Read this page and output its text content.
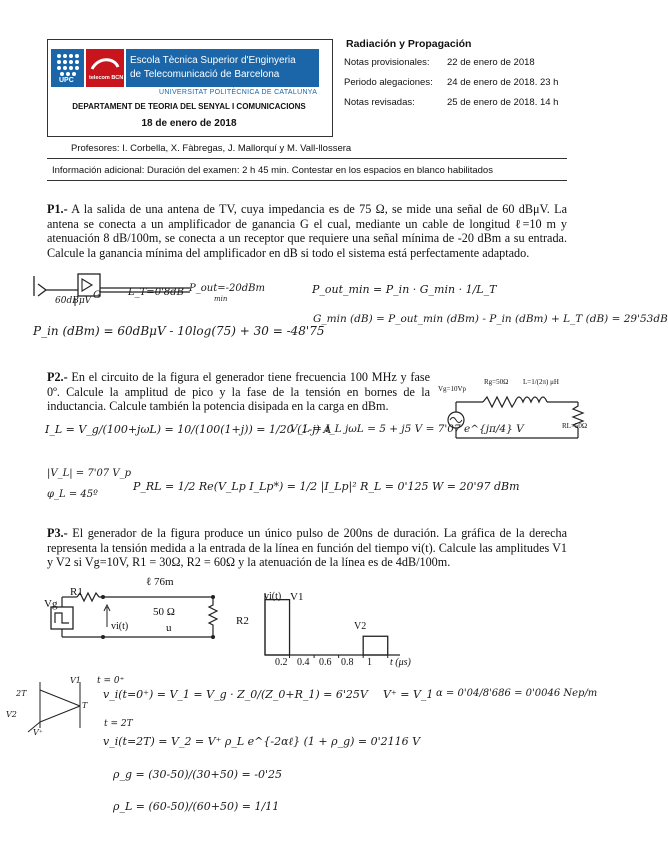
UPC	telecom BCN
Escola Tècnica Superior d'Enginyeria
de Telecomunicació de Barcelona
UNIVERSITAT POLITÈCNICA DE CATALUNYA
DEPARTAMENT DE TEORIA DEL SENYAL I COMUNICACIONS
18 de enero de 2018
Radiación y Propagación
Notas provisionales: 22 de enero de 2018
Periodo alegaciones: 24 de enero de 2018. 23 h
Notas revisadas:	25 de enero de 2018. 14 h
Profesores: I. Corbella, X. Fàbregas, J. Mallorquí y M. Vall-llossera
Información adicional: Duración del examen: 2 h 45 min. Contestar en los espacios en blanco habilitados
P1.- A la salida de una antena de TV, cuya impedancia es de 75 Ω, se mide una señal de 60 dBμV. La antena se conecta a un amplificador de ganancia G el cual, mediante un cable de longitud ℓ=10 m y atenuación 8 dB/100m, se conecta a un receptor que requiere una señal mínima de -20 dBm a su entrada. Calcule la ganancia mínima del amplificador en dB si todo el sistema está perfectamente adaptado.
60dBμV G	L_T=0'8dB P_out=-20dBm
min
P_out_min = P_in · G_min · 1/L_T
G_min (dB) = P_out_min (dBm) - P_in (dBm) + L_T (dB) = 29'53dB
P_in (dBm) = 60dBμV - 10log(75) + 30 = -48'75
P2.- En el circuito de la figura el generador tiene frecuencia 100 MHz y fase 0º. Calcule la amplitud de pico y la fase de la tensión en bornes de la inductancia. Calcule también la potencia disipada en la carga en dBm.
Vg=10Vp
Rg=50Ω L=1/(2π) μH
RL=50Ω
I_L = V_g/(100+jωL) = 10/(100(1+j)) = 1/20 (1-j) A
V_L = I_L jωL = 5 + j5 V = 7'07 e^{jπ/4} V
|V_L| = 7'07 V_p
φ_L = 45º
P_RL = 1/2 Re(V_Lp I_Lp*) = 1/2 |I_Lp|² R_L = 0'125 W = 20'97 dBm
P3.- El generador de la figura produce un único pulso de 200ns de duración. La gráfica de la derecha representa la tensión medida a la entrada de la línea en función del tiempo vi(t). Calcule las amplitudes V1 y V2 si Vg=10V, R1 = 30Ω, R2 = 60Ω y la atenuación de la línea es de 4dB/100m.
ℓ 76m
Vg
R1
vi(t)
50 Ω
u
R2
vi(t) V1
V2
0.2 0.4 0.6 0.8 1 t (μs)
2T
T
V2
V⁺
V1 t = 0⁺
v_i(t=0⁺) = V_1 = V_g · Z_0/(Z_0+R_1) = 6'25V V⁺ = V_1 α = 0'04/8'686 = 0'0046 Nep/m
t = 2T
v_i(t=2T) = V_2 = V⁺ ρ_L e^{-2αℓ} (1 + ρ_g) = 0'2116 V
ρ_g = (30-50)/(30+50) = -0'25
ρ_L = (60-50)/(60+50) = 1/11
